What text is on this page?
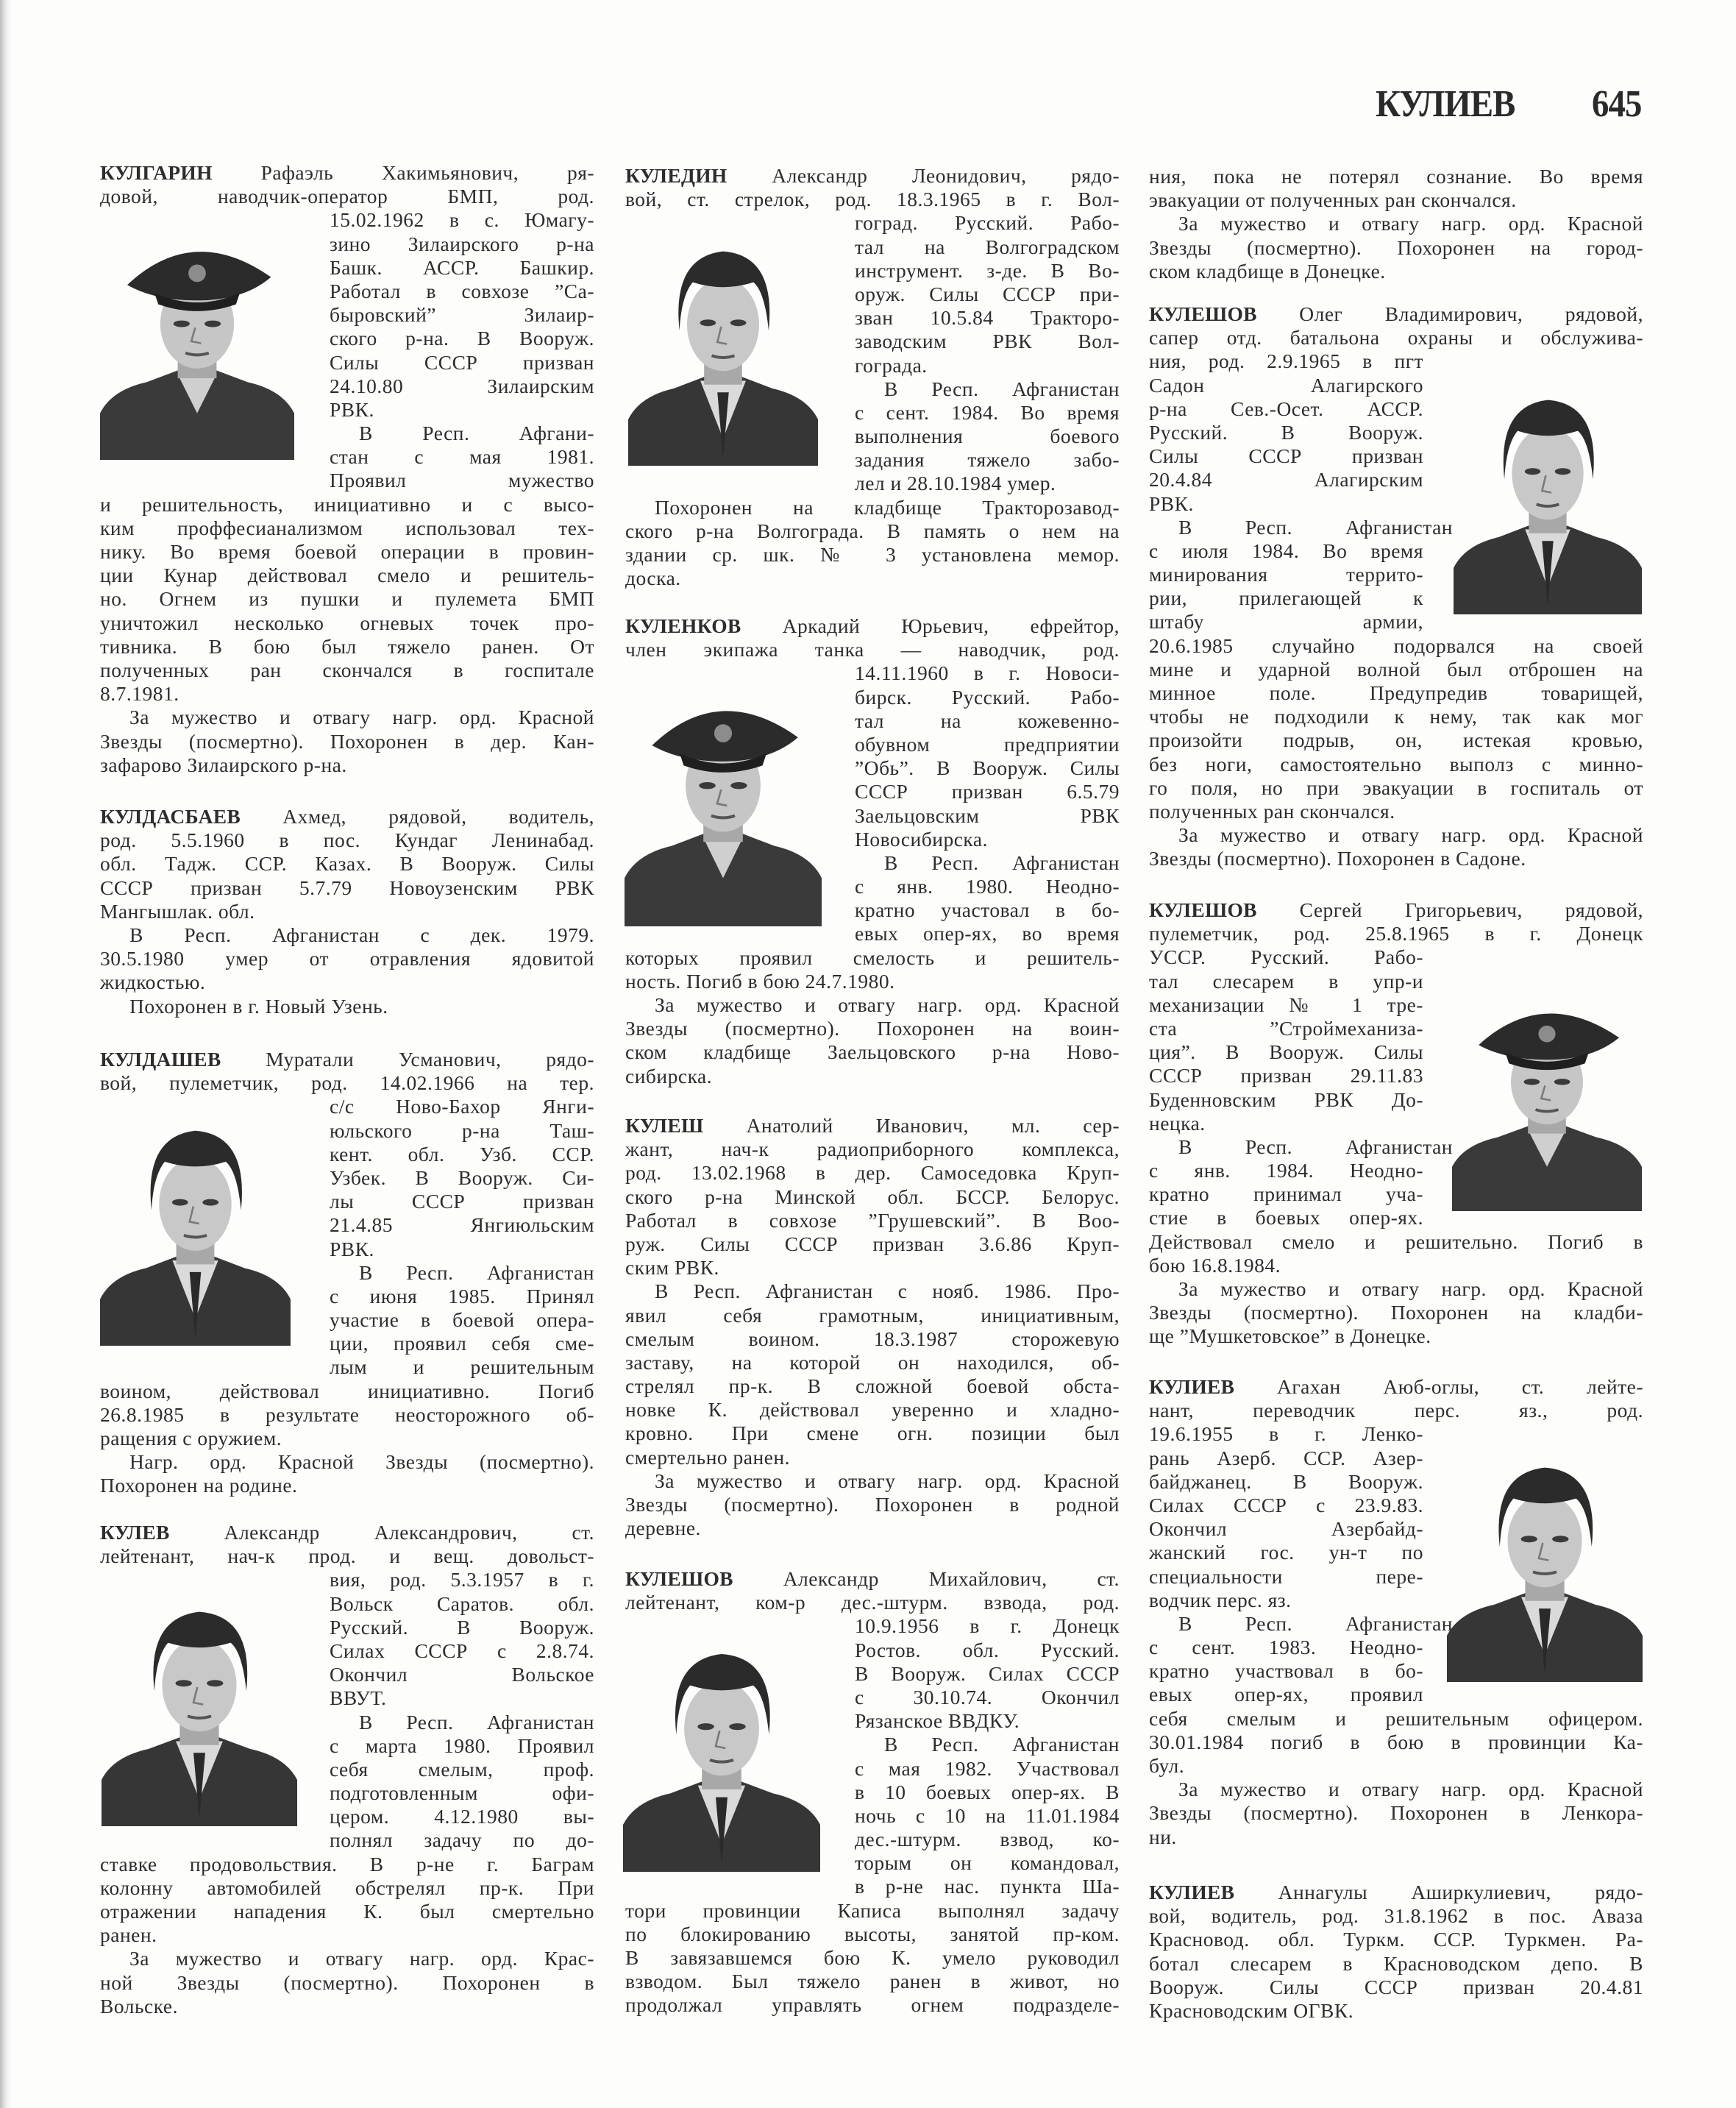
КУЛИЕВ 645
КУЛГАРИН Рафаэль Хакимьянович, ря-
довой, наводчик-оператор БМП, род.
15.02.1962 в с. Юмагу-
зино Зилаирского р-на
Башк. АССР. Башкир.
Работал в совхозе ”Са-
быровский” Зилаир-
ского р-на. В Вооруж.
Силы СССР призван
24.10.80 Зилаирским
РВК.
В Респ. Афгани-
стан с мая 1981.
Проявил мужество
и решительность, инициативно и с высо-
ким проффесианализмом использовал тех-
нику. Во время боевой операции в провин-
ции Кунар действовал смело и решитель-
но. Огнем из пушки и пулемета БМП
уничтожил несколько огневых точек про-
тивника. В бою был тяжело ранен. От
полученных ран скончался в госпитале
8.7.1981.
За мужество и отвагу нагр. орд. Красной
Звезды (посмертно). Похоронен в дер. Кан-
зафарово Зилаирского р-на.
КУЛДАСБАЕВ Ахмед, рядовой, водитель,
род. 5.5.1960 в пос. Кундаг Ленинабад.
обл. Тадж. ССР. Казах. В Вооруж. Силы
СССР призван 5.7.79 Новоузенским РВК
Мангышлак. обл.
В Респ. Афганистан с дек. 1979.
30.5.1980 умер от отравления ядовитой
жидкостью.
Похоронен в г. Новый Узень.
КУЛДАШЕВ Муратали Усманович, рядо-
вой, пулеметчик, род. 14.02.1966 на тер.
с/с Ново-Бахор Янги-
юльского р-на Таш-
кент. обл. Узб. ССР.
Узбек. В Вооруж. Си-
лы СССР призван
21.4.85 Янгиюльским
РВК.
В Респ. Афганистан
с июня 1985. Принял
участие в боевой опера-
ции, проявил себя сме-
лым и решительным
воином, действовал инициативно. Погиб
26.8.1985 в результате неосторожного об-
ращения с оружием.
Нагр. орд. Красной Звезды (посмертно).
Похоронен на родине.
КУЛЕВ	Александр Александрович, ст.
лейтенант, нач-к прод. и вещ. довольст-
вия, род. 5.3.1957 в г.
Вольск Саратов. обл.
Русский. В Вооруж.
Силах СССР с 2.8.74.
Окончил Вольское
ВВУТ.
В Респ. Афганистан
с марта 1980. Проявил
себя смелым, проф.
подготовленным офи-
цером. 4.12.1980 вы-
полнял задачу по до-
ставке продовольствия. В р-не г. Баграм
колонну автомобилей обстрелял пр-к. При
отражении нападения К. был смертельно
ранен.
За мужество и отвагу нагр. орд. Крас-
ной Звезды (посмертно). Похоронен в
Вольске.
КУЛЕДИН Александр Леонидович, рядо-
вой, ст. стрелок, род. 18.3.1965 в г. Вол-
гоград. Русский. Рабо-
тал на Волгоградском
инструмент. з-де. В Во-
оруж. Силы СССР при-
зван 10.5.84 Тракторо-
заводским РВК Вол-
гограда.
В Респ. Афганистан
с сент. 1984. Во время
выполнения боевого
задания тяжело забо-
лел и 28.10.1984 умер.
Похоронен на кладбище Тракторозавод-
ского р-на Волгограда. В память о нем на
здании ср. шк. № 3 установлена мемор.
доска.
КУЛЕНКОВ Аркадий Юрьевич, ефрейтор,
член экипажа танка — наводчик, род.
14.11.1960 в г. Новоси-
бирск. Русский. Рабо-
тал на кожевенно-
обувном предприятии
”Обь”. В Вооруж. Силы
СССР призван 6.5.79
Заельцовским РВК
Новосибирска.
В Респ. Афганистан
с янв. 1980. Неодно-
кратно участовал в бо-
евых опер-ях, во время
которых проявил смелость и решитель-
ность. Погиб в бою 24.7.1980.
За мужество и отвагу нагр. орд. Красной
Звезды (посмертно). Похоронен на воин-
ском кладбище Заельцовского р-на Ново-
сибирска.
КУЛЕШ Анатолий Иванович, мл. сер-
жант, нач-к радиоприборного комплекса,
род. 13.02.1968 в дер. Самоседовка Круп-
ского р-на Минской обл. БССР. Белорус.
Работал в совхозе ”Грушевский”. В Воо-
руж. Силы СССР призван 3.6.86 Круп-
ским РВК.
В Респ. Афганистан с нояб. 1986. Про-
явил себя грамотным, инициативным,
смелым воином. 18.3.1987 сторожевую
заставу, на которой он находился, об-
стрелял пр-к. В сложной боевой обста-
новке К. действовал уверенно и хладно-
кровно. При смене огн. позиции был
смертельно ранен.
За мужество и отвагу нагр. орд. Красной
Звезды (посмертно). Похоронен в родной
деревне.
КУЛЕШОВ Александр Михайлович, ст.
лейтенант, ком-р дес.-штурм. взвода, род.
10.9.1956 в г. Донецк
Ростов. обл. Русский.
В Вооруж. Силах СССР
с 30.10.74. Окончил
Рязанское ВВДКУ.
В Респ. Афганистан
с мая 1982. Участвовал
в 10 боевых опер-ях. В
ночь с 10 на 11.01.1984
дес.-штурм. взвод, ко-
торым он командовал,
в р-не нас. пункта Ша-
тори провинции Каписа выполнял задачу
по блокированию высоты, занятой пр-ком.
В завязавшемся бою К. умело руководил
взводом. Был тяжело ранен в живот, но
продолжал управлять огнем подразделе-
ния, пока не потерял сознание. Во время
эвакуации от полученных ран скончался.
За мужество и отвагу нагр. орд. Красной
Звезды (посмертно). Похоронен на город-
ском кладбище в Донецке.
КУЛЕШОВ Олег Владимирович, рядовой,
сапер отд. батальона охраны и обслужива-
ния, род. 2.9.1965 в пгт
Садон Алагирского
р-на Сев.-Осет. АССР.
Русский. В Вооруж.
Силы СССР призван
20.4.84 Алагирским
РВК.
В Респ. Афганистан
с июля 1984. Во время
минирования террито-
рии, прилегающей к
штабу армии,
20.6.1985 случайно подорвался на своей
мине и ударной волной был отброшен на
минное поле. Предупредив товарищей,
чтобы не подходили к нему, так как мог
произойти подрыв, он, истекая кровью,
без ноги, самостоятельно выполз с минно-
го поля, но при эвакуации в госпиталь от
полученных ран скончался.
За мужество и отвагу нагр. орд. Красной
Звезды (посмертно). Похоронен в Садоне.
КУЛЕШОВ Сергей Григорьевич, рядовой,
пулеметчик, род. 25.8.1965 в г. Донецк
УССР. Русский. Рабо-
тал слесарем в упр-и
механизации № 1 тре-
ста ”Строймеханиза-
ция”. В Вооруж. Силы
СССР призван 29.11.83
Буденновским РВК До-
нецка.
В Респ. Афганистан
с янв. 1984. Неодно-
кратно принимал уча-
стие в боевых опер-ях.
Действовал смело и решительно. Погиб в
бою 16.8.1984.
За мужество и отвагу нагр. орд. Красной
Звезды (посмертно). Похоронен на кладби-
ще ”Мушкетовское” в Донецке.
КУЛИЕВ Агахан Аюб-оглы, ст. лейте-
нант, переводчик перс. яз., род.
19.6.1955 в г. Ленко-
рань Азерб. ССР. Азер-
байджанец. В Вооруж.
Силах СССР с 23.9.83.
Окончил Азербайд-
жанский гос. ун-т по
специальности пере-
водчик перс. яз.
В Респ. Афганистан
с сент. 1983. Неодно-
кратно участвовал в бо-
евых опер-ях, проявил
себя смелым и решительным офицером.
30.01.1984 погиб в бою в провинции Ка-
бул.
За мужество и отвагу нагр. орд. Красной
Звезды (посмертно). Похоронен в Ленкора-
ни.
КУЛИЕВ Аннагулы Аширкулиевич, рядо-
вой, водитель, род. 31.8.1962 в пос. Аваза
Красновод. обл. Туркм. ССР. Туркмен. Ра-
ботал слесарем в Красноводском депо. В
Вооруж. Силы СССР призван 20.4.81
Красноводским ОГВК.
